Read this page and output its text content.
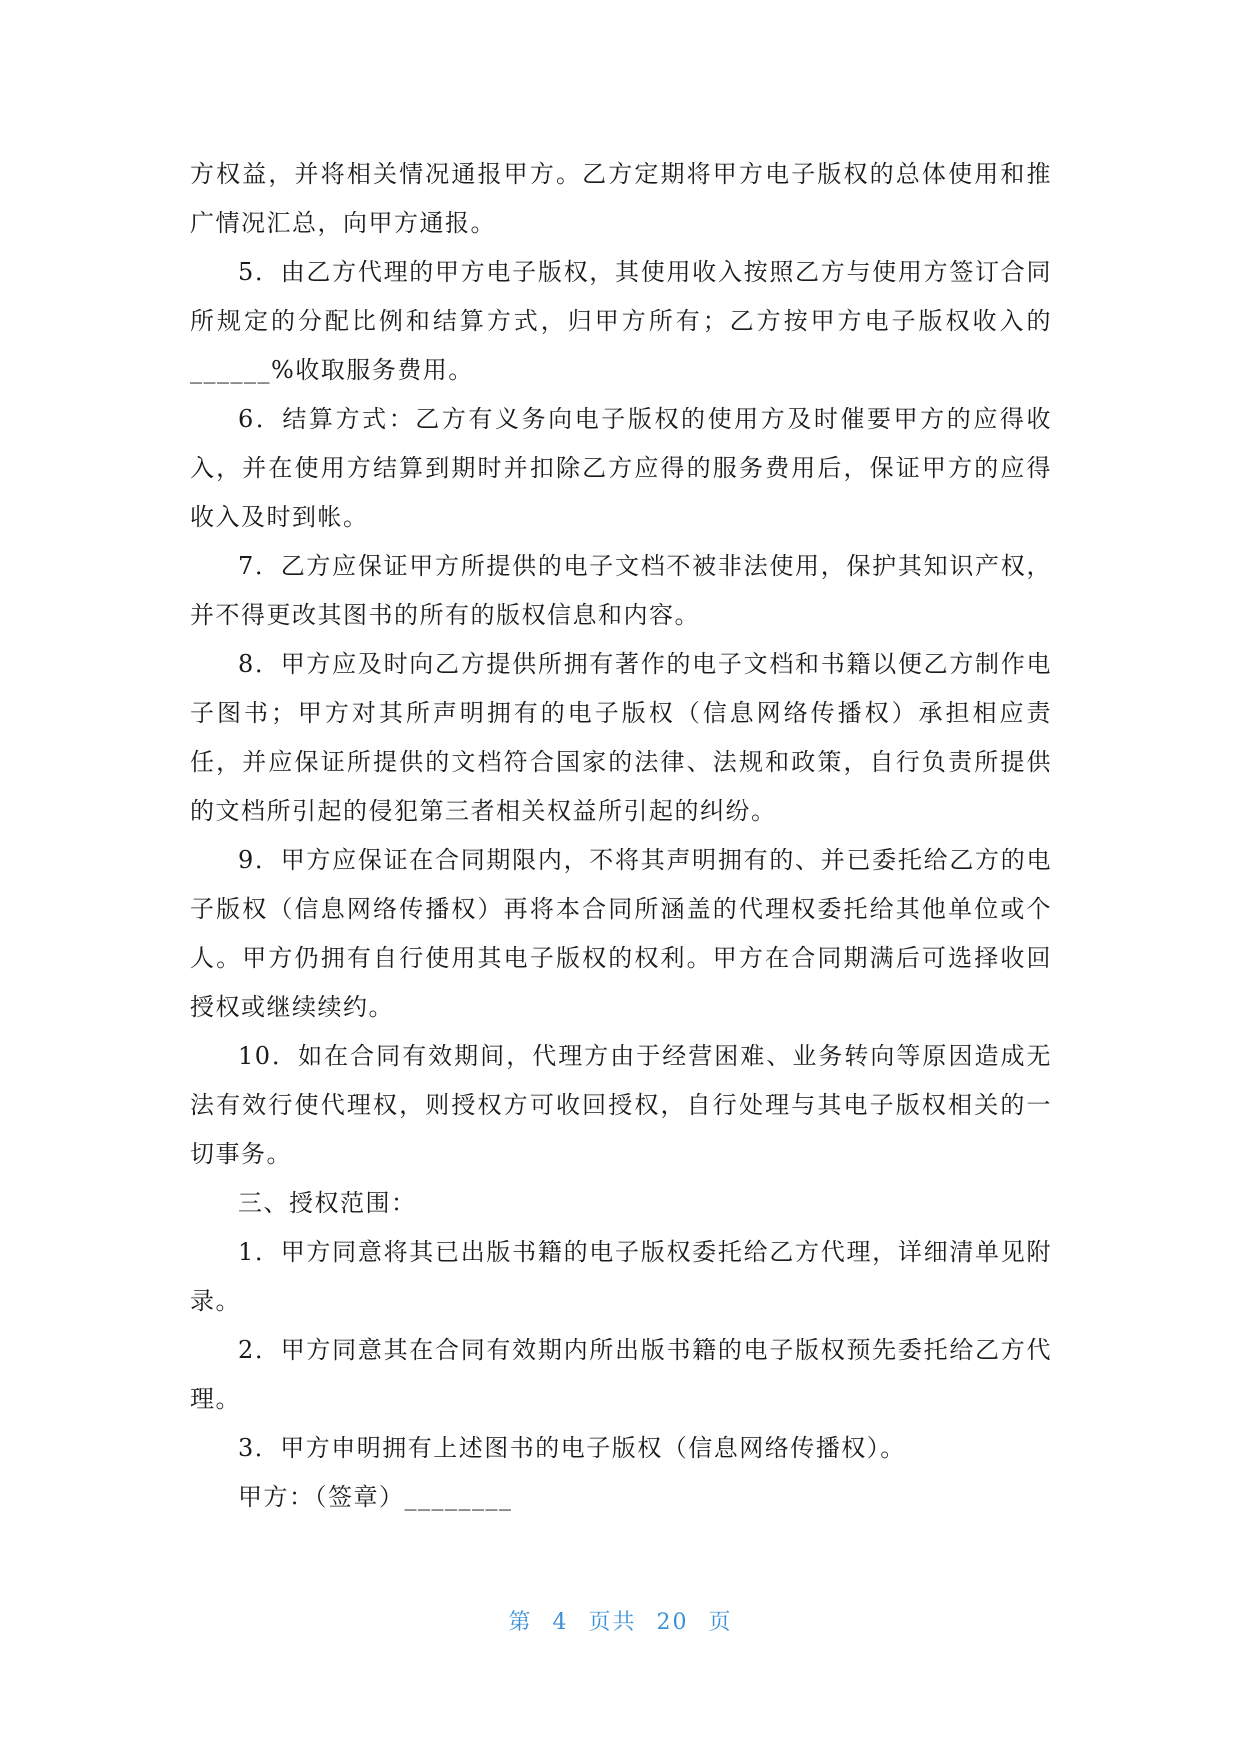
方权益，并将相关情况通报甲方。乙方定期将甲方电子版权的总体使用和推广情况汇总，向甲方通报。

5．由乙方代理的甲方电子版权，其使用收入按照乙方与使用方签订合同所规定的分配比例和结算方式，归甲方所有；乙方按甲方电子版权收入的______%收取服务费用。

6．结算方式：乙方有义务向电子版权的使用方及时催要甲方的应得收入，并在使用方结算到期时并扣除乙方应得的服务费用后，保证甲方的应得收入及时到帐。

7．乙方应保证甲方所提供的电子文档不被非法使用，保护其知识产权，并不得更改其图书的所有的版权信息和内容。

8．甲方应及时向乙方提供所拥有著作的电子文档和书籍以便乙方制作电子图书；甲方对其所声明拥有的电子版权（信息网络传播权）承担相应责任，并应保证所提供的文档符合国家的法律、法规和政策，自行负责所提供的文档所引起的侵犯第三者相关权益所引起的纠纷。

9．甲方应保证在合同期限内，不将其声明拥有的、并已委托给乙方的电子版权（信息网络传播权）再将本合同所涵盖的代理权委托给其他单位或个人。甲方仍拥有自行使用其电子版权的权利。甲方在合同期满后可选择收回授权或继续续约。

10．如在合同有效期间，代理方由于经营困难、业务转向等原因造成无法有效行使代理权，则授权方可收回授权，自行处理与其电子版权相关的一切事务。

三、授权范围：

1．甲方同意将其已出版书籍的电子版权委托给乙方代理，详细清单见附录。

2．甲方同意其在合同有效期内所出版书籍的电子版权预先委托给乙方代理。

3．甲方申明拥有上述图书的电子版权（信息网络传播权）。

甲方：（签章）________

第 4 页共 20 页
